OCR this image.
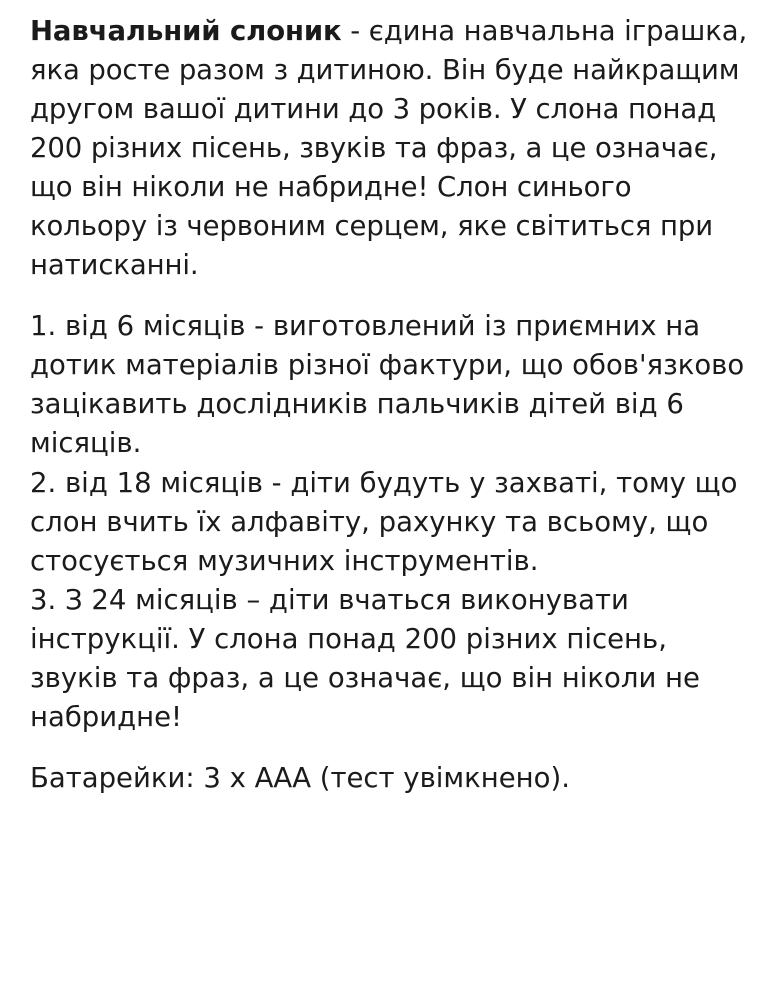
Навчальний слоник - єдина навчальна іграшка, яка росте разом з дитиною. Він буде найкращим другом вашої дитини до 3 років. У слона понад 200 різних пісень, звуків та фраз, а це означає, що він ніколи не набридне! Слон синього кольору із червоним серцем, яке світиться при натисканні.

1. від 6 місяців - виготовлений із приємних на дотик матеріалів різної фактури, що обов'язково зацікавить дослідників пальчиків дітей від 6 місяців.

2. від 18 місяців - діти будуть у захваті, тому що слон вчить їх алфавіту, рахунку та всьому, що стосується музичних інструментів.

3. З 24 місяців – діти вчаться виконувати інструкції. У слона понад 200 різних пісень, звуків та фраз, а це означає, що він ніколи не набридне!

Батарейки: 3 х ААА (тест увімкнено).
